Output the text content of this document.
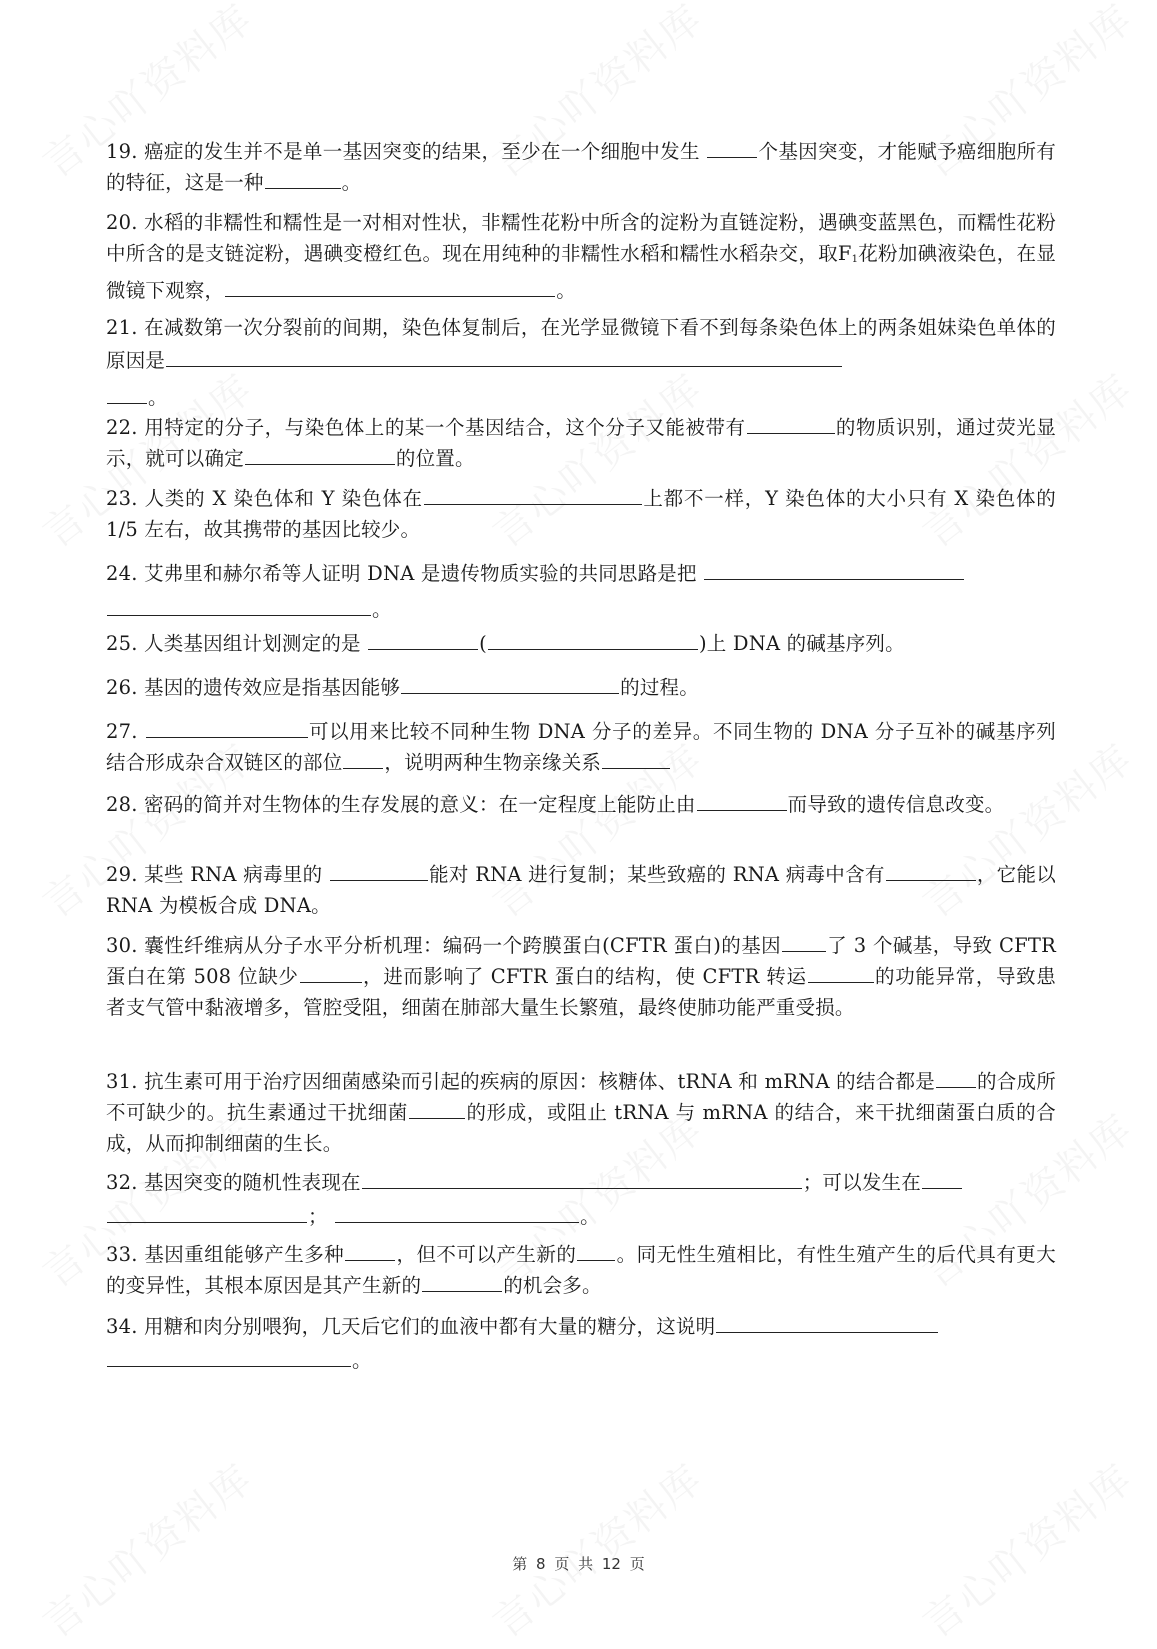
19. 癌症的发生并不是单一基因突变的结果，至少在一个细胞中发生	个基因突变，才能赋予癌细胞所有的特征，这是一种	。
20. 水稻的非糯性和糯性是一对相对性状，非糯性花粉中所含的淀粉为直链淀粉，遇碘变蓝黑色，而糯性花粉中所含的是支链淀粉，遇碘变橙红色。现在用纯种的非糯性水稻和糯性水稻杂交，取$F_1$花粉加碘液染色，在显微镜下观察，	。
21. 在减数第一次分裂前的间期，染色体复制后，在光学显微镜下看不到每条染色体上的两条姐妹染色单体的原因是
。
22. 用特定的分子，与染色体上的某一个基因结合，这个分子又能被带有	的物质识别，通过荧光显示，就可以确定	的位置。
23. 人类的 X 染色体和 Y 染色体在	上都不一样，Y 染色体的大小只有 X 染色体的 1/5 左右，故其携带的基因比较少。
24. 艾弗里和赫尔希等人证明 DNA 是遗传物质实验的共同思路是把
。
25. 人类基因组计划测定的是	(	)上 DNA 的碱基序列。
26. 基因的遗传效应是指基因能够	的过程。
27.	可以用来比较不同种生物 DNA 分子的差异。不同生物的 DNA 分子互补的碱基序列结合形成杂合双链区的部位 ，说明两种生物亲缘关系
28. 密码的简并对生物体的生存发展的意义：在一定程度上能防止由	而导致的遗传信息改变。
29. 某些 RNA 病毒里的	能对 RNA 进行复制；某些致癌的 RNA 病毒中含有	，它能以 RNA 为模板合成 DNA。
30. 囊性纤维病从分子水平分析机理：编码一个跨膜蛋白(CFTR 蛋白)的基因 了 3 个碱基，导致 CFTR 蛋白在第 508 位缺少	，进而影响了 CFTR 蛋白的结构，使 CFTR 转运	的功能异常，导致患者支气管中黏液增多，管腔受阻，细菌在肺部大量生长繁殖，最终使肺功能严重受损。
31. 抗生素可用于治疗因细菌感染而引起的疾病的原因：核糖体、tRNA 和 mRNA 的结合都是 的合成所不可缺少的。抗生素通过干扰细菌	的形成，或阻止 tRNA 与 mRNA 的结合，来干扰细菌蛋白质的合成，从而抑制细菌的生长。
32. 基因突变的随机性表现在	；可以发生在
；	。
33. 基因重组能够产生多种	，但不可以产生新的 。同无性生殖相比，有性生殖产生的后代具有更大的变异性，其根本原因是其产生新的	的机会多。
34. 用糖和肉分别喂狗，几天后它们的血液中都有大量的糖分，这说明
。
第 8 页 共 12 页
